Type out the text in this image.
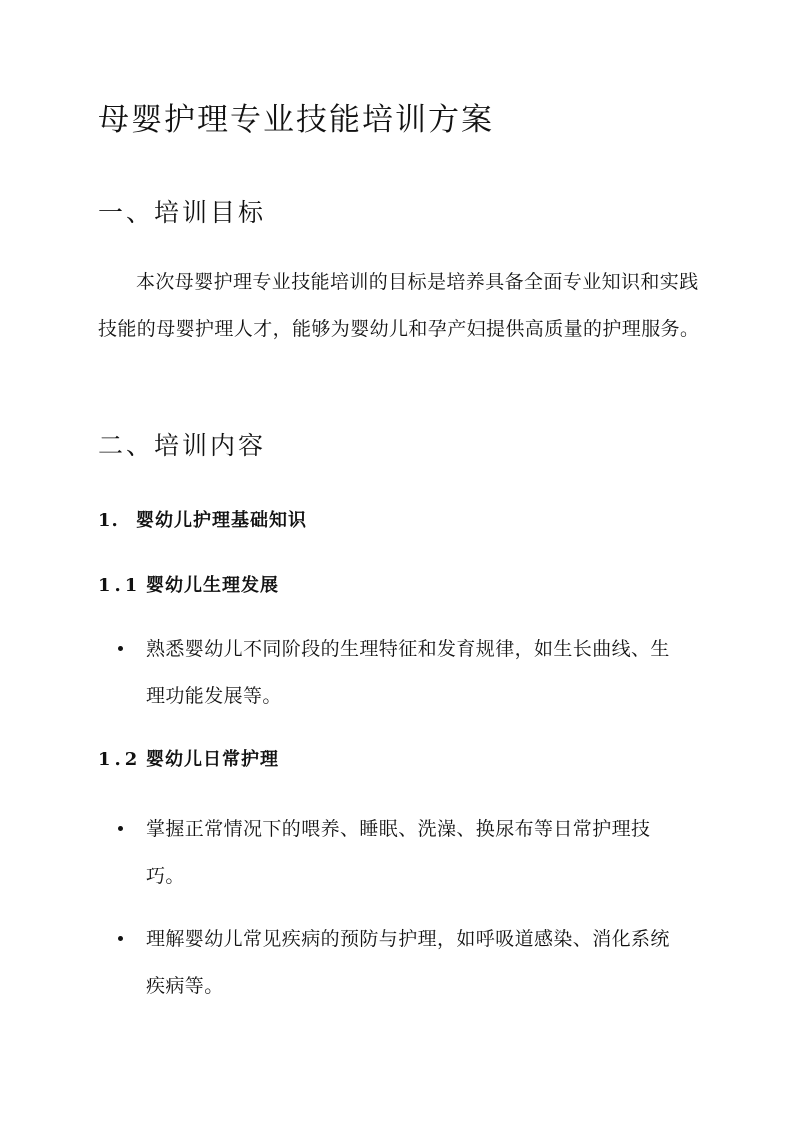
母婴护理专业技能培训方案
一、培训目标

本次母婴护理专业技能培训的目标是培养具备全面专业知识和实践技能的母婴护理人才，能够为婴幼儿和孕产妇提供高质量的护理服务。

二、培训内容
1. 婴幼儿护理基础知识
1.1 婴幼儿生理发展
熟悉婴幼儿不同阶段的生理特征和发育规律，如生长曲线、生理功能发展等。
1.2 婴幼儿日常护理
掌握正常情况下的喂养、睡眠、洗澡、换尿布等日常护理技巧。
理解婴幼儿常见疾病的预防与护理，如呼吸道感染、消化系统疾病等。
